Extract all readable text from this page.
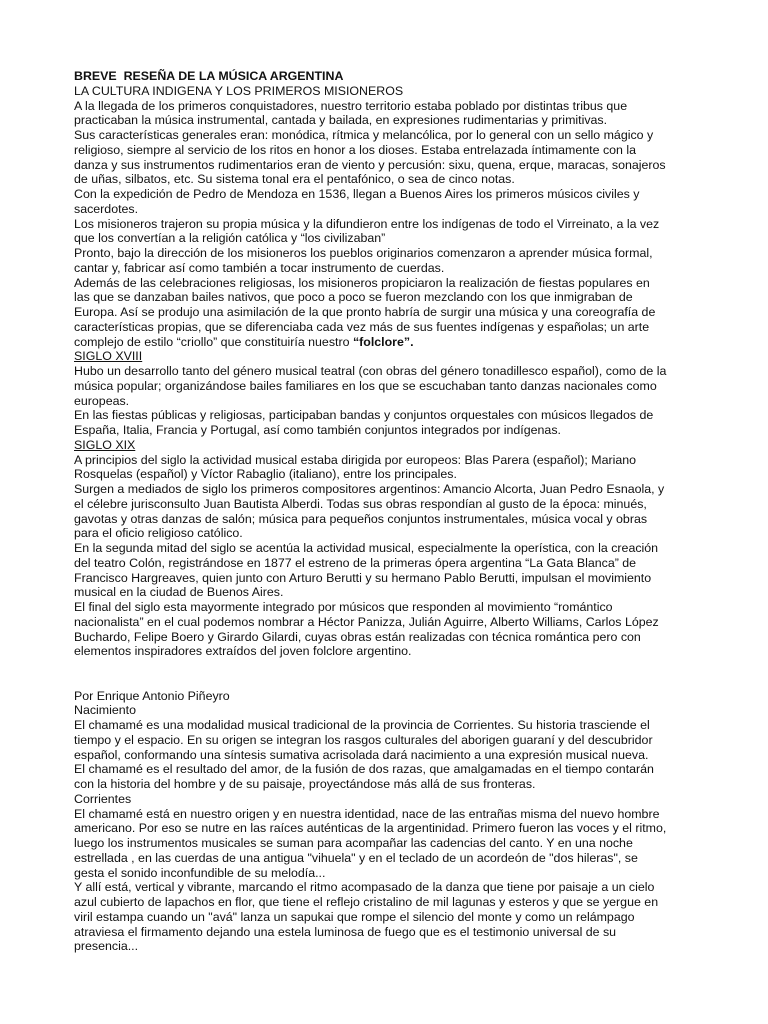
BREVE  RESEÑA DE LA MÚSICA ARGENTINA
LA CULTURA INDIGENA Y LOS PRIMEROS MISIONEROS
A la llegada de los primeros conquistadores, nuestro territorio estaba poblado por distintas tribus que
practicaban la música instrumental, cantada y bailada, en expresiones rudimentarias y primitivas.
Sus características generales eran: monódica, rítmica y melancólica, por lo general con un sello mágico y
religioso, siempre al servicio de los ritos en honor a los dioses. Estaba entrelazada íntimamente con la
danza y sus instrumentos rudimentarios eran de viento y percusión: sixu, quena, erque, maracas, sonajeros
de uñas, silbatos, etc. Su sistema tonal era el pentafónico, o sea de cinco notas.
Con la expedición de Pedro de Mendoza en 1536, llegan a Buenos Aires los primeros músicos civiles y
sacerdotes.
Los misioneros trajeron su propia música y la difundieron entre los indígenas de todo el Virreinato, a la vez
que los convertían a la religión católica y “los civilizaban”
Pronto, bajo la dirección de los misioneros los pueblos originarios comenzaron a aprender música formal,
cantar y, fabricar así como también a tocar instrumento de cuerdas.
Además de las celebraciones religiosas, los misioneros propiciaron la realización de fiestas populares en
las que se danzaban bailes nativos, que poco a poco se fueron mezclando con los que inmigraban de
Europa. Así se produjo una asimilación de la que pronto habría de surgir una música y una coreografía de
características propias, que se diferenciaba cada vez más de sus fuentes indígenas y españolas; un arte
complejo de estilo “criollo” que constituiría nuestro “folclore”.
SIGLO XVIII
Hubo un desarrollo tanto del género musical teatral (con obras del género tonadillesco español), como de la
música popular; organizándose bailes familiares en los que se escuchaban tanto danzas nacionales como
europeas.
En las fiestas públicas y religiosas, participaban bandas y conjuntos orquestales con músicos llegados de
España, Italia, Francia y Portugal, así como también conjuntos integrados por indígenas.
SIGLO XIX
A principios del siglo la actividad musical estaba dirigida por europeos: Blas Parera (español); Mariano
Rosquelas (español) y Víctor Rabaglio (italiano), entre los principales.
Surgen a mediados de siglo los primeros compositores argentinos: Amancio Alcorta, Juan Pedro Esnaola, y
el célebre jurisconsulto Juan Bautista Alberdi. Todas sus obras respondían al gusto de la época: minués,
gavotas y otras danzas de salón; música para pequeños conjuntos instrumentales, música vocal y obras
para el oficio religioso católico.
En la segunda mitad del siglo se acentúa la actividad musical, especialmente la operística, con la creación
del teatro Colón, registrándose en 1877 el estreno de la primeras ópera argentina “La Gata Blanca” de
Francisco Hargreaves, quien junto con Arturo Berutti y su hermano Pablo Berutti, impulsan el movimiento
musical en la ciudad de Buenos Aires.
El final del siglo esta mayormente integrado por músicos que responden al movimiento “romántico
nacionalista” en el cual podemos nombrar a Héctor Panizza, Julián Aguirre, Alberto Williams, Carlos López
Buchardo, Felipe Boero y Girardo Gilardi, cuyas obras están realizadas con técnica romántica pero con
elementos inspiradores extraídos del joven folclore argentino.
Por Enrique Antonio Piñeyro
Nacimiento
El chamamé es una modalidad musical tradicional de la provincia de Corrientes. Su historia trasciende el
tiempo y el espacio. En su origen se integran los rasgos culturales del aborigen guaraní y del descubridor
español, conformando una síntesis sumativa acrisolada dará nacimiento a una expresión musical nueva.
El chamamé es el resultado del amor, de la fusión de dos razas, que amalgamadas en el tiempo contarán
con la historia del hombre y de su paisaje, proyectándose más allá de sus fronteras.
Corrientes
El chamamé está en nuestro origen y en nuestra identidad, nace de las entrañas misma del nuevo hombre
americano. Por eso se nutre en las raíces auténticas de la argentinidad. Primero fueron las voces y el ritmo,
luego los instrumentos musicales se suman para acompañar las cadencias del canto. Y en una noche
estrellada , en las cuerdas de una antigua "vihuela" y en el teclado de un acordeón de "dos hileras", se
gesta el sonido inconfundible de su melodía...
Y allí está, vertical y vibrante, marcando el ritmo acompasado de la danza que tiene por paisaje a un cielo
azul cubierto de lapachos en flor, que tiene el reflejo cristalino de mil lagunas y esteros y que se yergue en
viril estampa cuando un "avá" lanza un sapukai que rompe el silencio del monte y como un relámpago
atraviesa el firmamento dejando una estela luminosa de fuego que es el testimonio universal de su
presencia...
